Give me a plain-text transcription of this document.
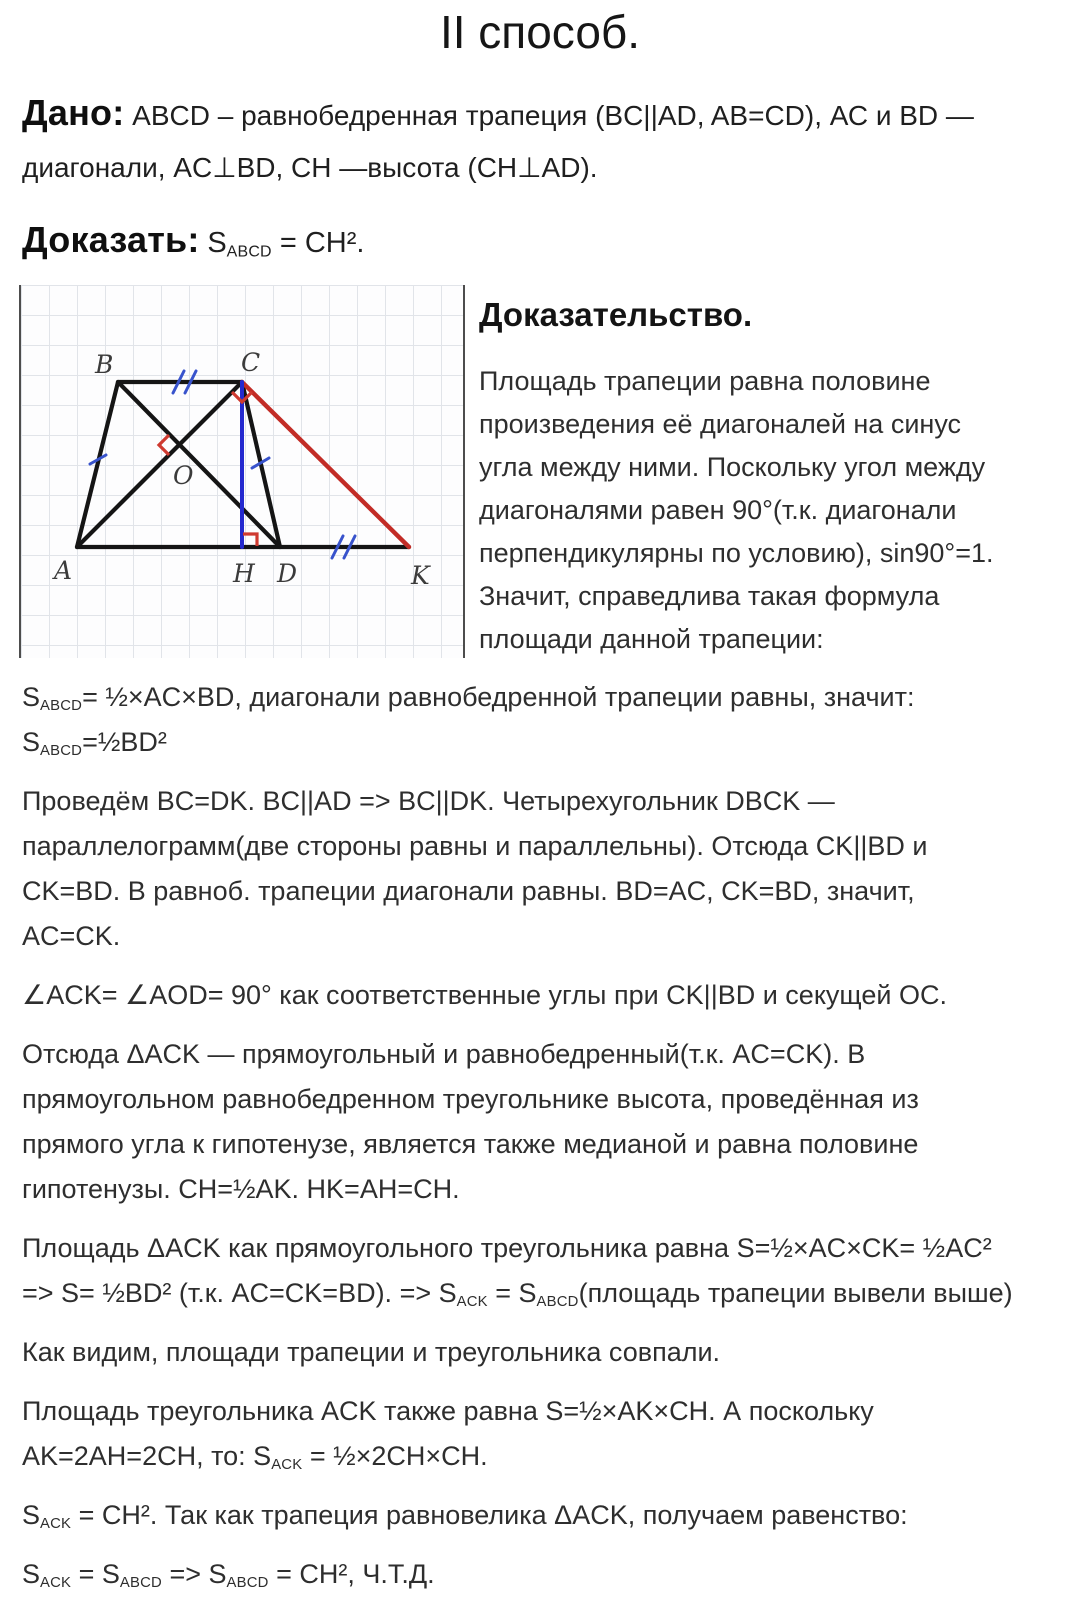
II способ.

Дано: ABCD – равнобедренная трапеция (BC||AD, AB=CD), АС и BD —
диагонали, AC⊥BD, CH —высота (CH⊥AD).

Доказать: $S_{ABCD} = CH^2$.

A
B	C
O
H D	K
Доказательство.

Площадь трапеции равна половине
произведения её диагоналей на синус
угла между ними. Поскольку угол между
диагоналями равен 90°(т.к. диагонали
перпендикулярны по условию), sin90°=1.
Значит, справедлива такая формула
площади данной трапеции:

$S_{ABCD}=$ ½×AC×BD, диагонали равнобедренной трапеции равны, значит:
$S_{ABCD}=\frac{1}{2}BD^2$

Проведём BC=DK. BC||AD => BC||DK. Четырехугольник DBCK —
параллелограмм(две стороны равны и параллельны). Отсюда CK||BD и
CK=BD. В равноб. трапеции диагонали равны. BD=AC, CK=BD, значит,
AC=CK.

∠ACK= ∠AOD= 90° как соответственные углы при CK||BD и секущей OC.

Отсюда ΔACK — прямоугольный и равнобедренный(т.к. AC=CK). В
прямоугольном равнобедренном треугольнике высота, проведённая из
прямого угла к гипотенузе, является также медианой и равна половине
гипотенузы. CH=½AK. HK=AH=CH.

Площадь ΔACK как прямоугольного треугольника равна S=½×AC×CK= ½AC²
=> S= ½BD² (т.к. AC=CK=BD). => $S_{ACK}$ = $S_{ABCD}(площадь$ трапеции вывели выше)

Как видим, площади трапеции и треугольника совпали.

Площадь треугольника ACK также равна S=½×AK×CH. А поскольку
AK=2AH=2CH, то: $S_{ACK}$ = ½×2CH×CH.

$S_{ACK} = CH^2$. Так как трапеция равновелика ΔACK, получаем равенство:

$S_{ACK} = S_{ABCD} => S_{ABCD} = CH^2$, Ч.Т.Д.
